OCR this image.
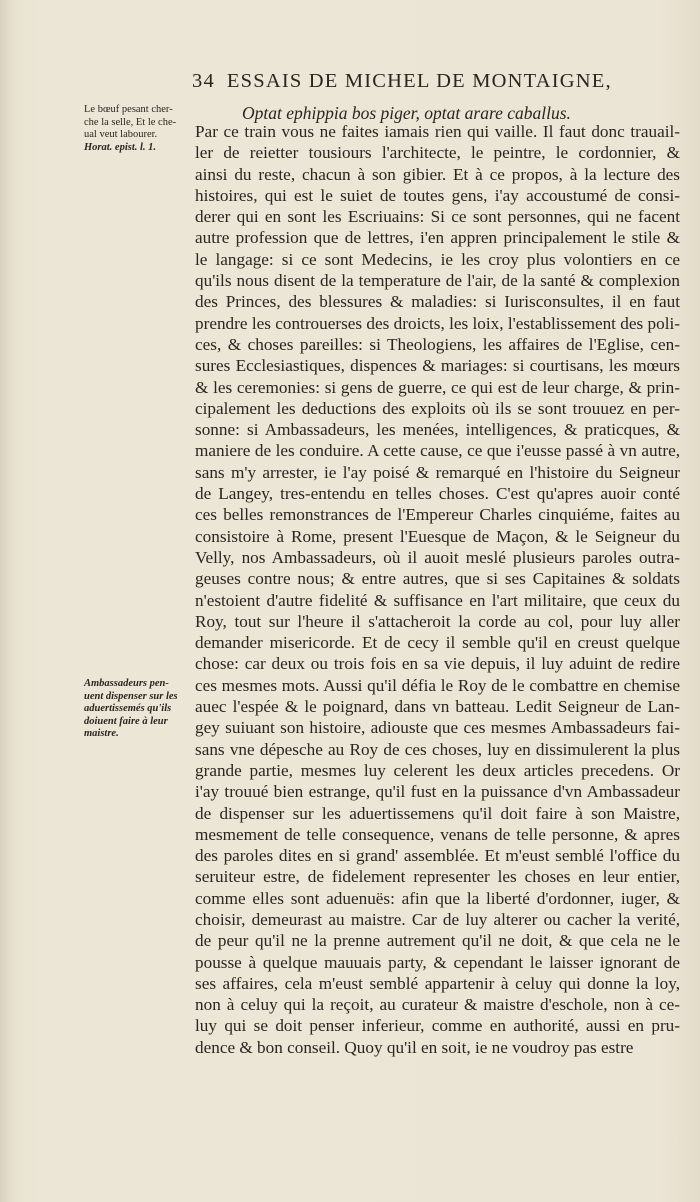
34 ESSAIS DE MICHEL DE MONTAIGNE,
Le bœuf pesant cher-
che la selle, Et le che-
ual veut labourer.
Horat. epist. l. 1.
Ambassadeurs pen-
uent dispenser sur les
aduertissemés qu'ils
doiuent faire à leur
maistre.
Optat ephippia bos piger, optat arare caballus.
Par ce train vous ne faites iamais rien qui vaille. Il faut donc trauail-
ler de reietter tousiours l'architecte, le peintre, le cordonnier, &
ainsi du reste, chacun à son gibier. Et à ce propos, à la lecture des
histoires, qui est le suiet de toutes gens, i'ay accoustumé de consi-
derer qui en sont les Escriuains: Si ce sont personnes, qui ne facent
autre profession que de lettres, i'en appren principalement le stile &
le langage: si ce sont Medecins, ie les croy plus volontiers en ce
qu'ils nous disent de la temperature de l'air, de la santé & complexion
des Princes, des blessures & maladies: si Iurisconsultes, il en faut
prendre les controuerses des droicts, les loix, l'establissement des poli-
ces, & choses pareilles: si Theologiens, les affaires de l'Eglise, cen-
sures Ecclesiastiques, dispences & mariages: si courtisans, les mœurs
& les ceremonies: si gens de guerre, ce qui est de leur charge, & prin-
cipalement les deductions des exploits où ils se sont trouuez en per-
sonne: si Ambassadeurs, les menées, intelligences, & praticques, &
maniere de les conduire. A cette cause, ce que i'eusse passé à vn autre,
sans m'y arrester, ie l'ay poisé & remarqué en l'histoire du Seigneur
de Langey, tres-entendu en telles choses. C'est qu'apres auoir conté
ces belles remonstrances de l'Empereur Charles cinquiéme, faites au
consistoire à Rome, present l'Euesque de Maçon, & le Seigneur du
Velly, nos Ambassadeurs, où il auoit meslé plusieurs paroles outra-
geuses contre nous; & entre autres, que si ses Capitaines & soldats
n'estoient d'autre fidelité & suffisance en l'art militaire, que ceux du
Roy, tout sur l'heure il s'attacheroit la corde au col, pour luy aller
demander misericorde. Et de cecy il semble qu'il en creust quelque
chose: car deux ou trois fois en sa vie depuis, il luy aduint de redire
ces mesmes mots. Aussi qu'il défia le Roy de le combattre en chemise
auec l'espée & le poignard, dans vn batteau. Ledit Seigneur de Lan-
gey suiuant son histoire, adiouste que ces mesmes Ambassadeurs fai-
sans vne dépesche au Roy de ces choses, luy en dissimulerent la plus
grande partie, mesmes luy celerent les deux articles precedens. Or
i'ay trouué bien estrange, qu'il fust en la puissance d'vn Ambassadeur
de dispenser sur les aduertissemens qu'il doit faire à son Maistre,
mesmement de telle consequence, venans de telle personne, & apres
des paroles dites en si grand' assemblée. Et m'eust semblé l'office du
seruiteur estre, de fidelement representer les choses en leur entier,
comme elles sont aduenuës: afin que la liberté d'ordonner, iuger, &
choisir, demeurast au maistre. Car de luy alterer ou cacher la verité,
de peur qu'il ne la prenne autrement qu'il ne doit, & que cela ne le
pousse à quelque mauuais party, & cependant le laisser ignorant de
ses affaires, cela m'eust semblé appartenir à celuy qui donne la loy,
non à celuy qui la reçoit, au curateur & maistre d'eschole, non à ce-
luy qui se doit penser inferieur, comme en authorité, aussi en pru-
dence & bon conseil. Quoy qu'il en soit, ie ne voudroy pas estre
